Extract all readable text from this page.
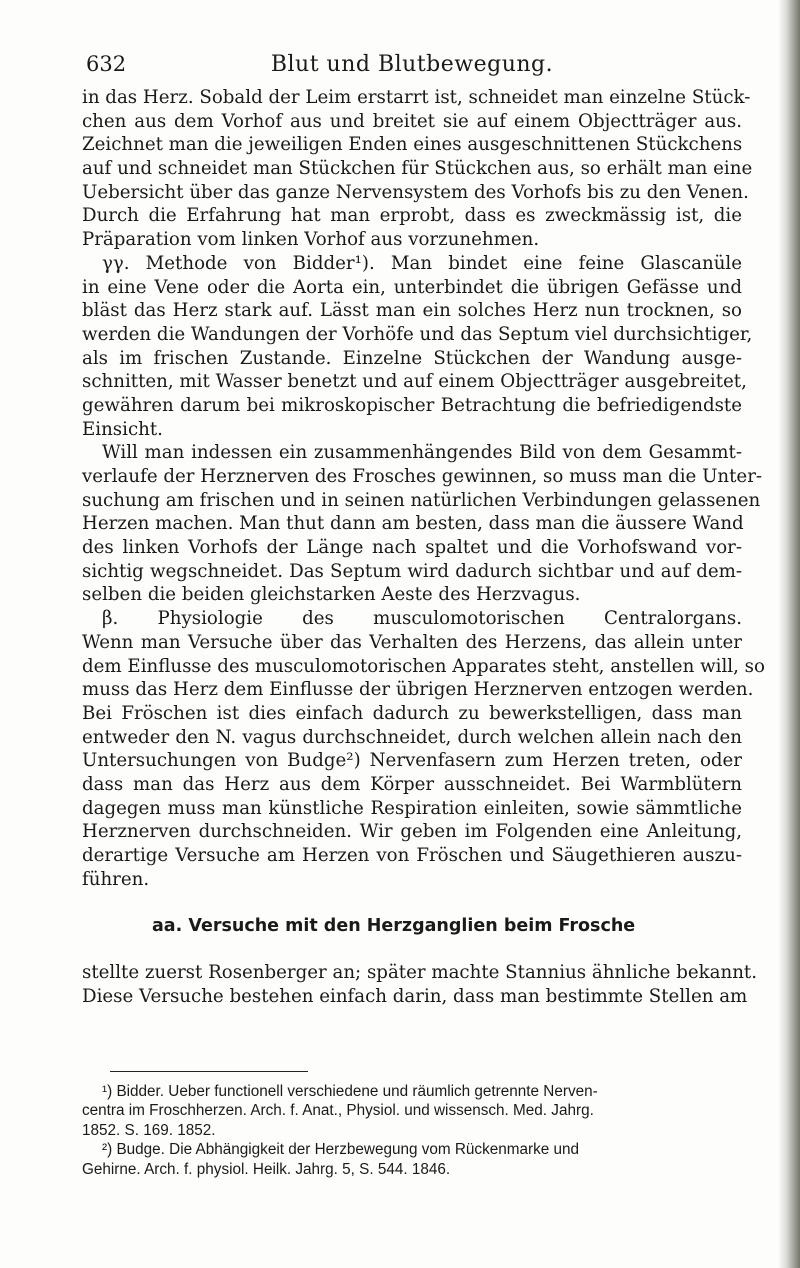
632	Blut und Blutbewegung.
in das Herz. Sobald der Leim erstarrt ist, schneidet man einzelne Stück-
chen aus dem Vorhof aus und breitet sie auf einem Objectträger aus.
Zeichnet man die jeweiligen Enden eines ausgeschnittenen Stückchens
auf und schneidet man Stückchen für Stückchen aus, so erhält man eine
Uebersicht über das ganze Nervensystem des Vorhofs bis zu den Venen.
Durch die Erfahrung hat man erprobt, dass es zweckmässig ist, die
Präparation vom linken Vorhof aus vorzunehmen.
γγ. Methode von Bidder¹). Man bindet eine feine Glascanüle
in eine Vene oder die Aorta ein, unterbindet die übrigen Gefässe und
bläst das Herz stark auf. Lässt man ein solches Herz nun trocknen, so
werden die Wandungen der Vorhöfe und das Septum viel durchsichtiger,
als im frischen Zustande. Einzelne Stückchen der Wandung ausge-
schnitten, mit Wasser benetzt und auf einem Objectträger ausgebreitet,
gewähren darum bei mikroskopischer Betrachtung die befriedigendste
Einsicht.
Will man indessen ein zusammenhängendes Bild von dem Gesammt-
verlaufe der Herznerven des Frosches gewinnen, so muss man die Unter-
suchung am frischen und in seinen natürlichen Verbindungen gelassenen
Herzen machen. Man thut dann am besten, dass man die äussere Wand
des linken Vorhofs der Länge nach spaltet und die Vorhofswand vor-
sichtig wegschneidet. Das Septum wird dadurch sichtbar und auf dem-
selben die beiden gleichstarken Aeste des Herzvagus.
β. Physiologie des musculomotorischen Centralorgans.
Wenn man Versuche über das Verhalten des Herzens, das allein unter
dem Einflusse des musculomotorischen Apparates steht, anstellen will, so
muss das Herz dem Einflusse der übrigen Herznerven entzogen werden.
Bei Fröschen ist dies einfach dadurch zu bewerkstelligen, dass man
entweder den N. vagus durchschneidet, durch welchen allein nach den
Untersuchungen von Budge²) Nervenfasern zum Herzen treten, oder
dass man das Herz aus dem Körper ausschneidet. Bei Warmblütern
dagegen muss man künstliche Respiration einleiten, sowie sämmtliche
Herznerven durchschneiden. Wir geben im Folgenden eine Anleitung,
derartige Versuche am Herzen von Fröschen und Säugethieren auszu-
führen.
aa. Versuche mit den Herzganglien beim Frosche
stellte zuerst Rosenberger an; später machte Stannius ähnliche bekannt.
Diese Versuche bestehen einfach darin, dass man bestimmte Stellen am
¹) Bidder. Ueber functionell verschiedene und räumlich getrennte Nerven-
centra im Froschherzen. Arch. f. Anat., Physiol. und wissensch. Med. Jahrg.
1852. S. 169. 1852.
²) Budge. Die Abhängigkeit der Herzbewegung vom Rückenmarke und
Gehirne. Arch. f. physiol. Heilk. Jahrg. 5, S. 544. 1846.
